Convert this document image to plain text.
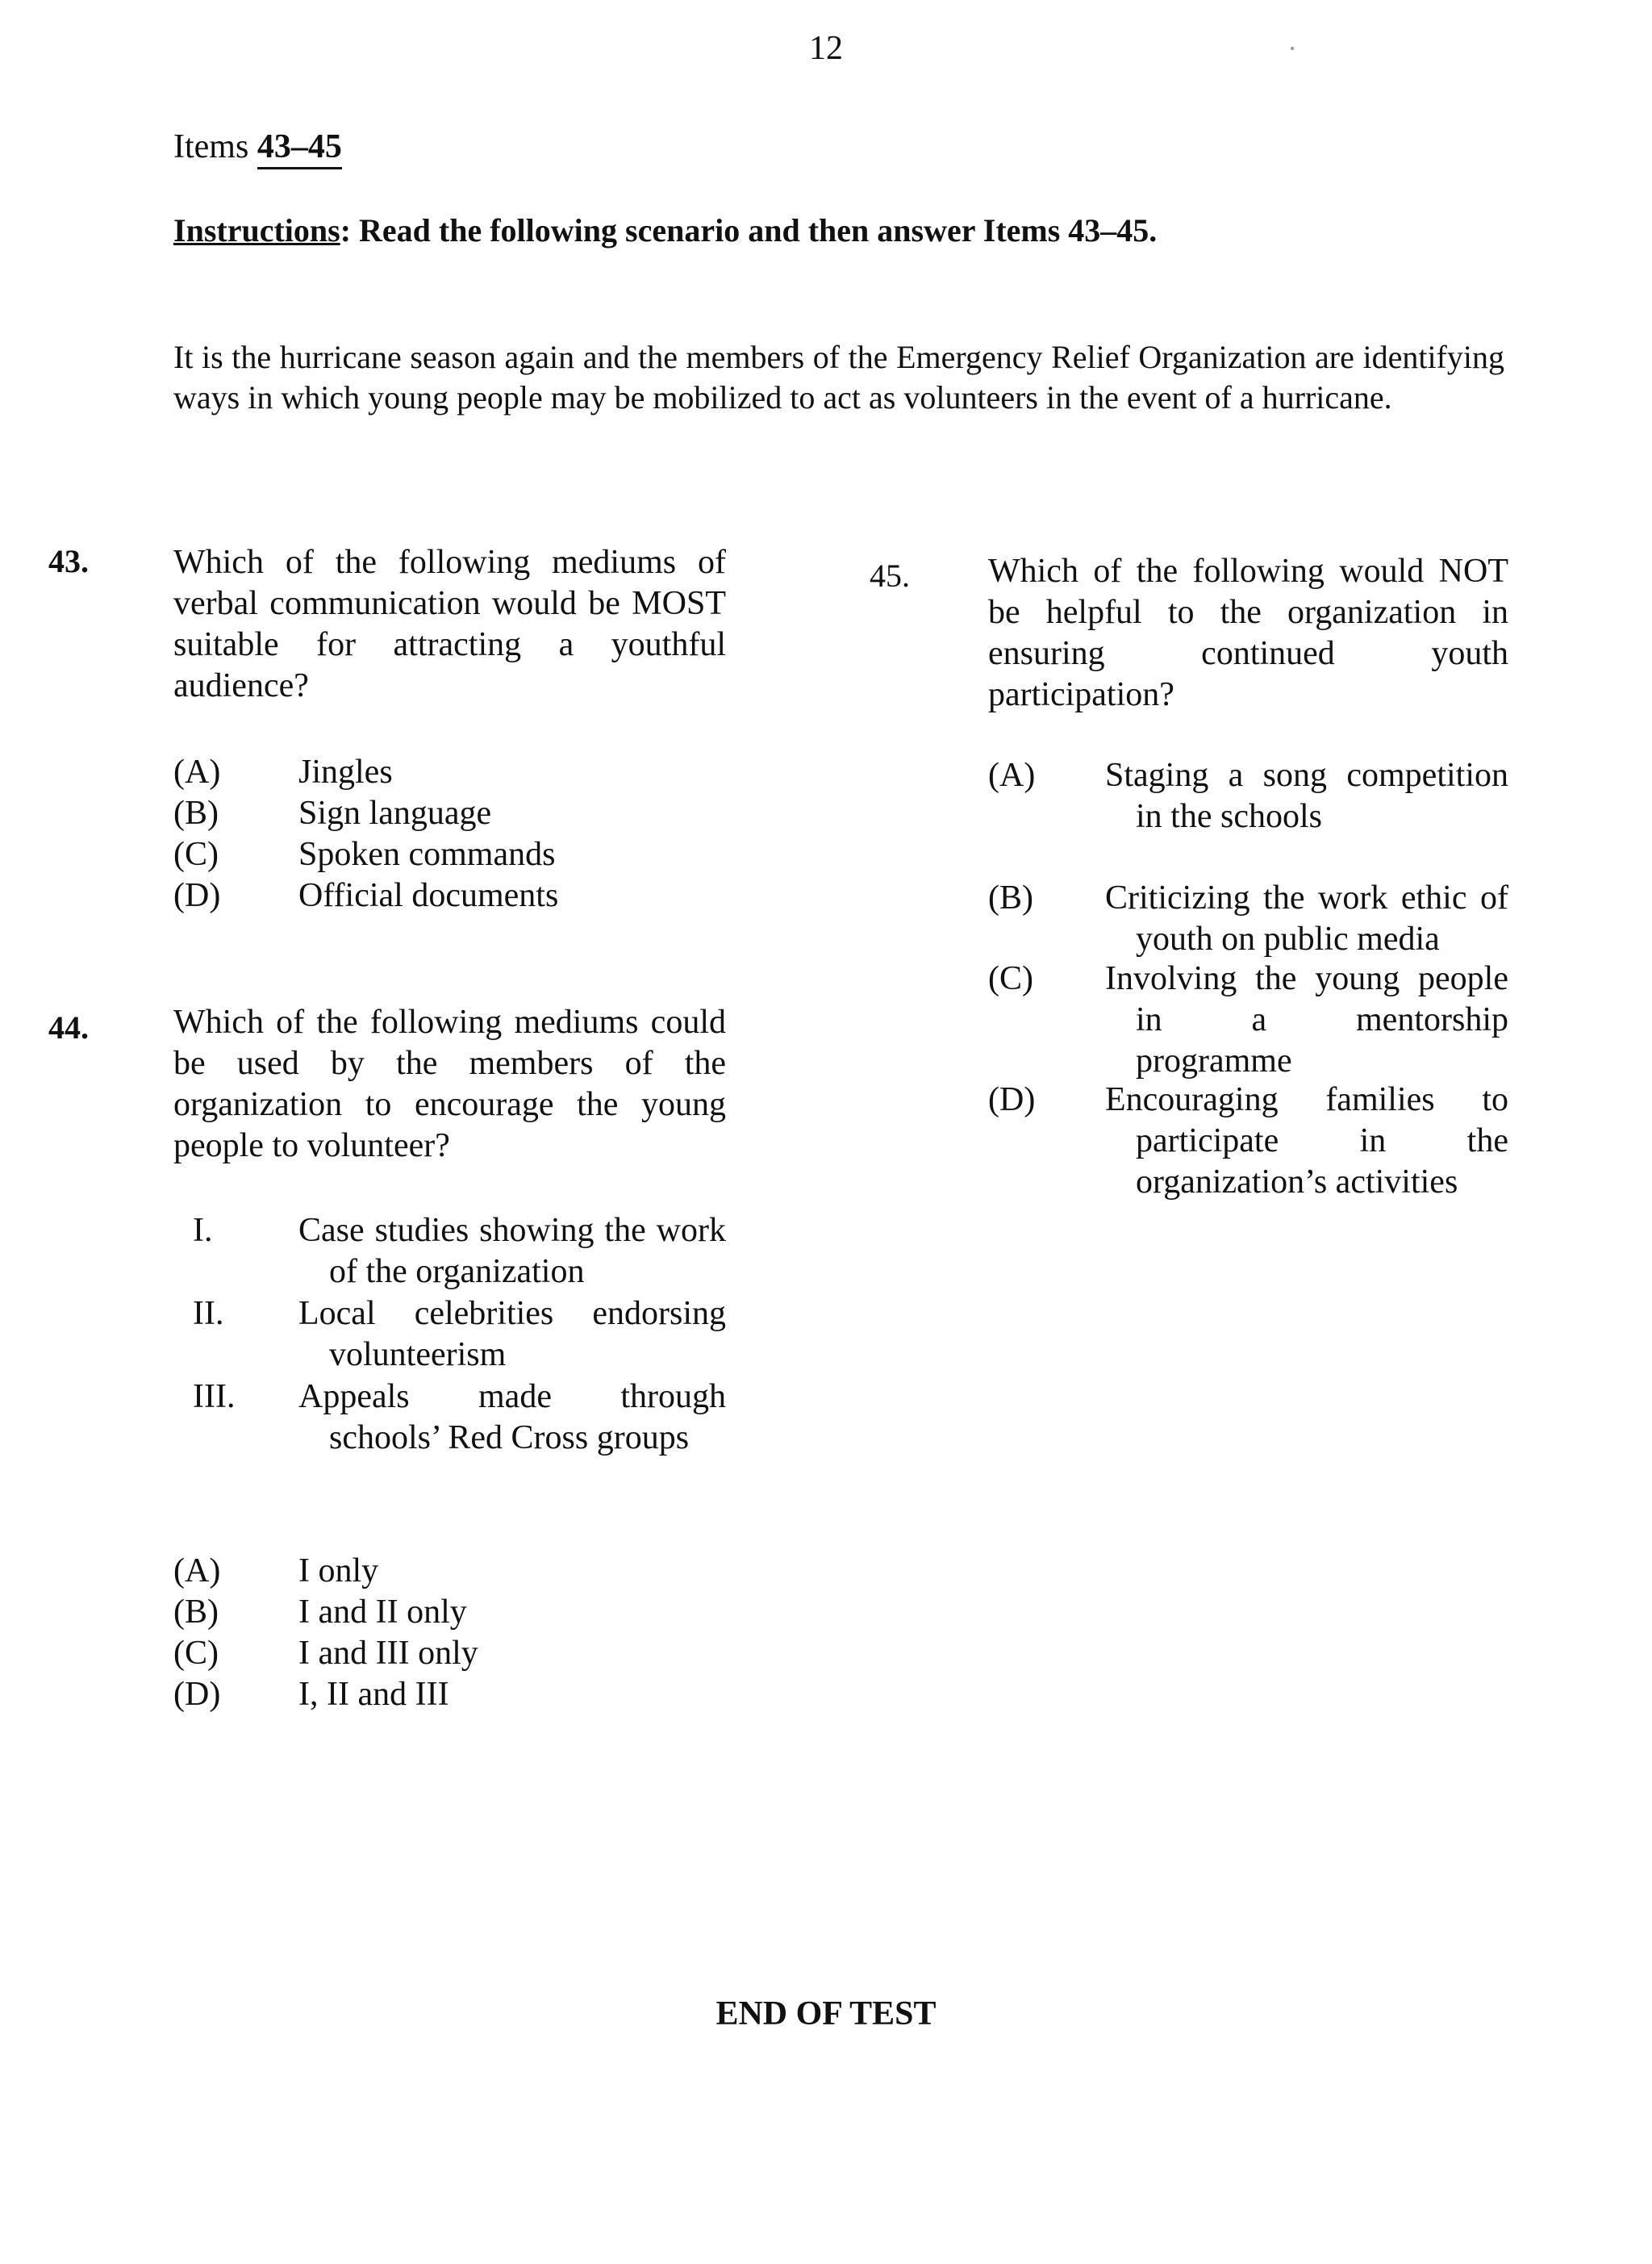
12
Items 43–45
Instructions: Read the following scenario and then answer Items 43–45.
It is the hurricane season again and the members of the Emergency Relief Organization are identifying ways in which young people may be mobilized to act as volunteers in the event of a hurricane.
43.	Which of the following mediums of verbal communication would be MOST suitable for attracting a youthful audience?
(A)	Jingles
(B)	Sign language
(C)	Spoken commands
(D)	Official documents
44.	Which of the following mediums could be used by the members of the organization to encourage the young people to volunteer?
I.	Case studies showing the work of the organization
II.	Local celebrities endorsing volunteerism
III.	Appeals made through schools’ Red Cross groups
(A)	I only
(B)	I and II only
(C)	I and III only
(D)	I, II and III
45. Which of the following would NOT be helpful to the organization in ensuring continued youth participation?
(A)	Staging a song competition in the schools
(B)	Criticizing the work ethic of youth on public media
(C)	Involving the young people in a mentorship programme
(D)	Encouraging families to participate in the organization’s activities
END OF TEST
